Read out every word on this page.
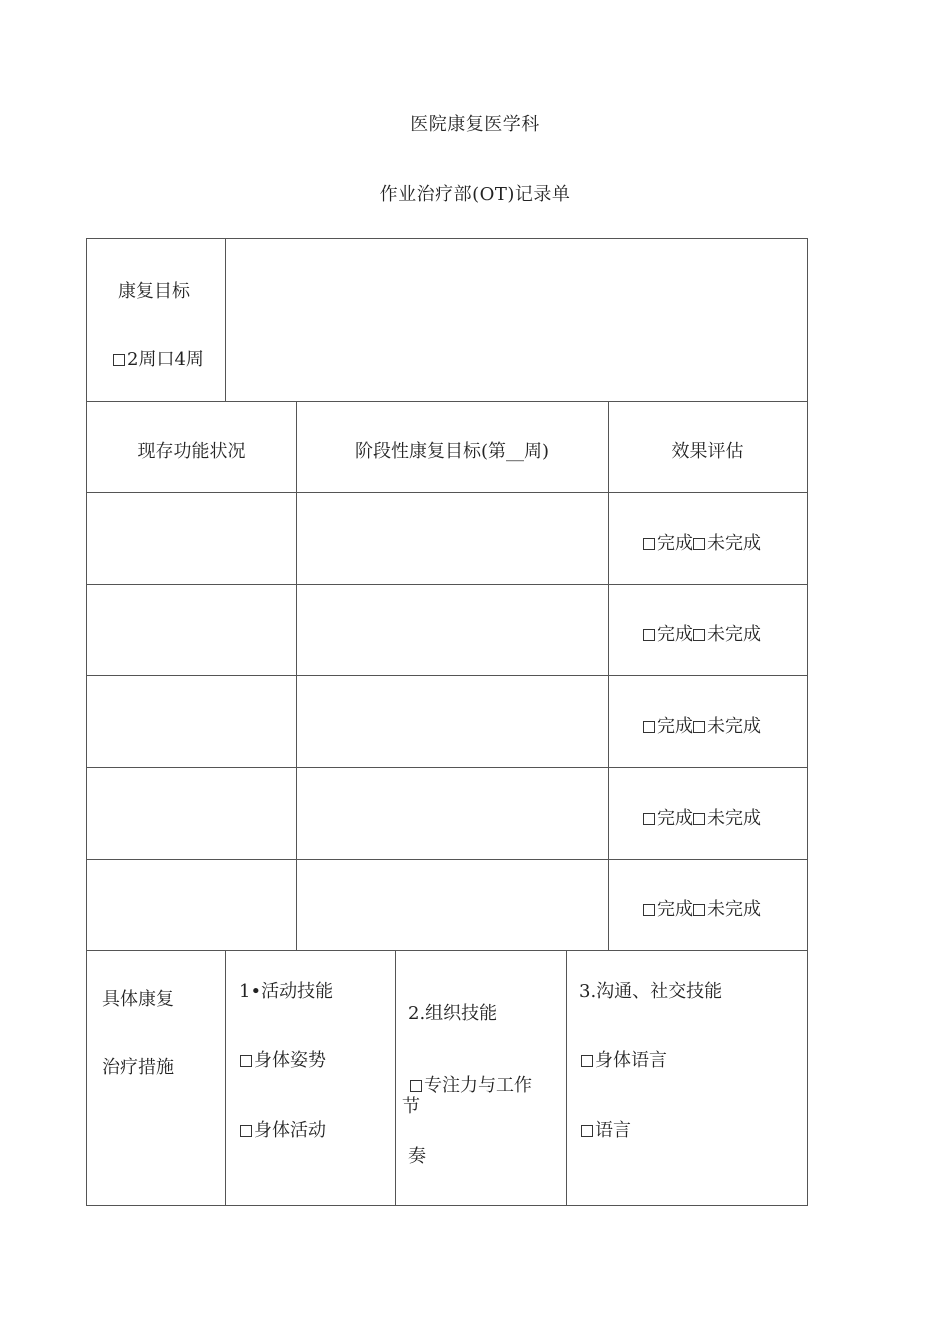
医院康复医学科
作业治疗部(OT)记录单
康复目标
2周口4周
现存功能状况	阶段性康复目标(第__周)	效果评估
完成 未完成
完成 未完成
完成 未完成
完成 未完成
完成 未完成
具体康复
治疗措施
1•活动技能
身体姿势
身体活动
2.组织技能
专注力与工作
节
奏
3.沟通、社交技能
身体语言
语言
